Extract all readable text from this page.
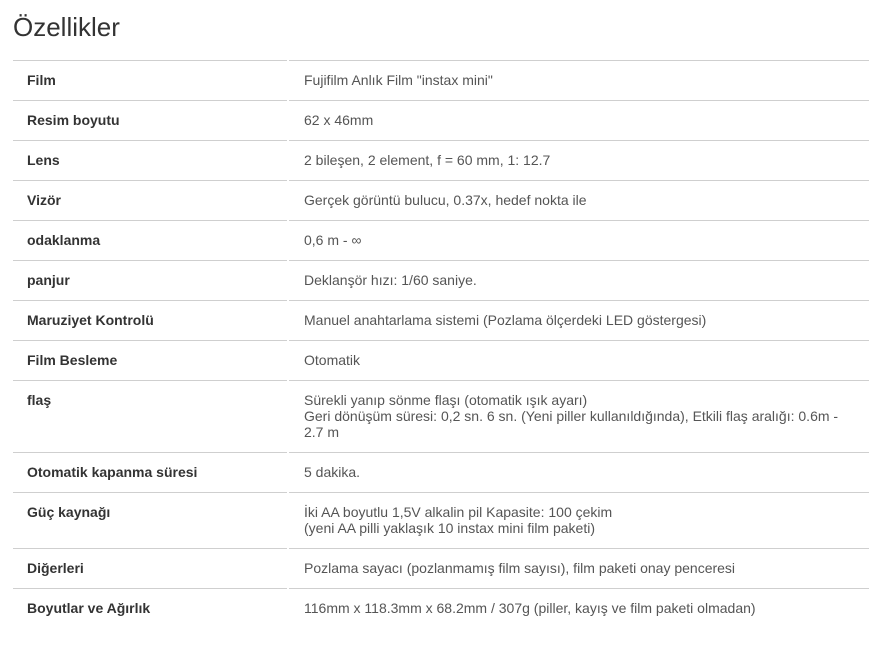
Özellikler
Film	Fujifilm Anlık Film "instax mini"

Resim boyutu	62 x 46mm

Lens	2 bileşen, 2 element, f = 60 mm, 1: 12.7

Vizör	Gerçek görüntü bulucu, 0.37x, hedef nokta ile

odaklanma	0,6 m - ∞

panjur	Deklanşör hızı: 1/60 saniye.

Maruziyet Kontrolü	Manuel anahtarlama sistemi (Pozlama ölçerdeki LED göstergesi)

Film Besleme	Otomatik

flaş	Sürekli yanıp sönme flaşı (otomatik ışık ayarı)
Geri dönüşüm süresi: 0,2 sn. 6 sn. (Yeni piller kullanıldığında), Etkili flaş aralığı: 0.6m - 2.7 m

Otomatik kapanma süresi	5 dakika.

Güç kaynağı	İki AA boyutlu 1,5V alkalin pil Kapasite: 100 çekim
(yeni AA pilli yaklaşık 10 instax mini film paketi)

Diğerleri	Pozlama sayacı (pozlanmamış film sayısı), film paketi onay penceresi

Boyutlar ve Ağırlık	116mm x 118.3mm x 68.2mm / 307g (piller, kayış ve film paketi olmadan)
